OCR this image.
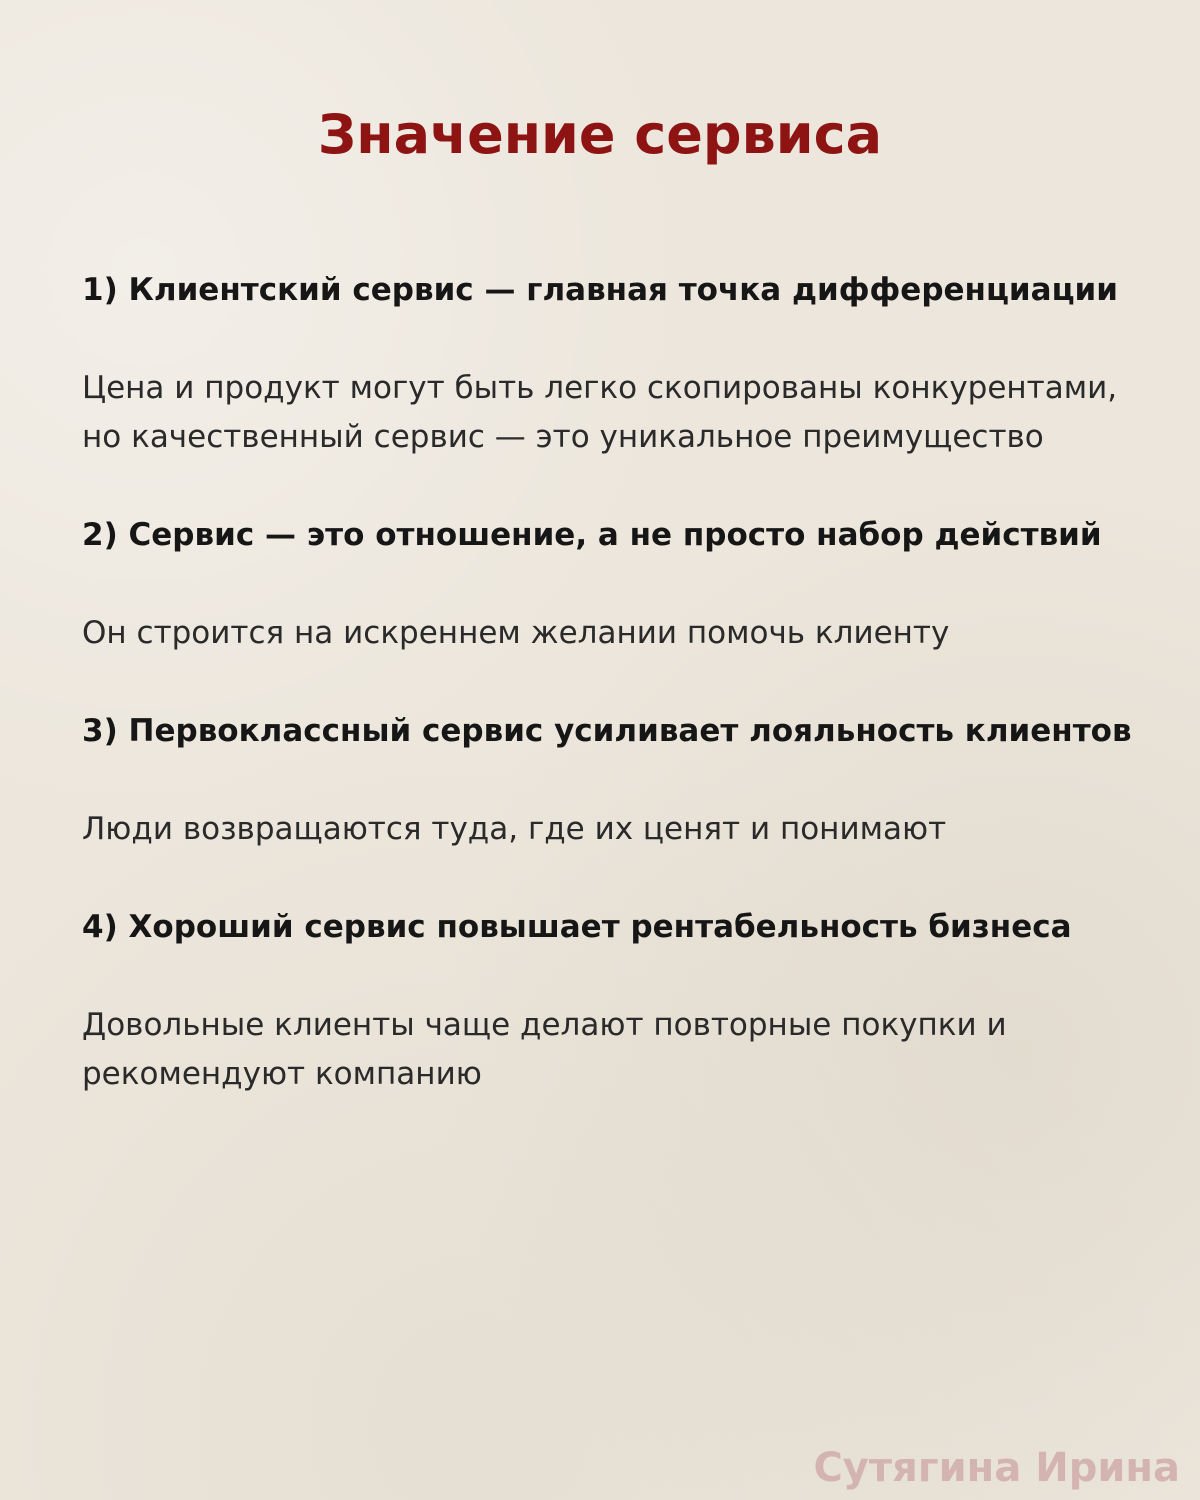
Значение сервиса

1) Клиентский сервис — главная точка дифференциации

Цена и продукт могут быть легко скопированы конкурентами, но качественный сервис — это уникальное преимущество

2) Сервис — это отношение, а не просто набор действий

Он строится на искреннем желании помочь клиенту

3) Первоклассный сервис усиливает лояльность клиентов

Люди возвращаются туда, где их ценят и понимают

4) Хороший сервис повышает рентабельность бизнеса

Довольные клиенты чаще делают повторные покупки и рекомендуют компанию

Сутягина Ирина
